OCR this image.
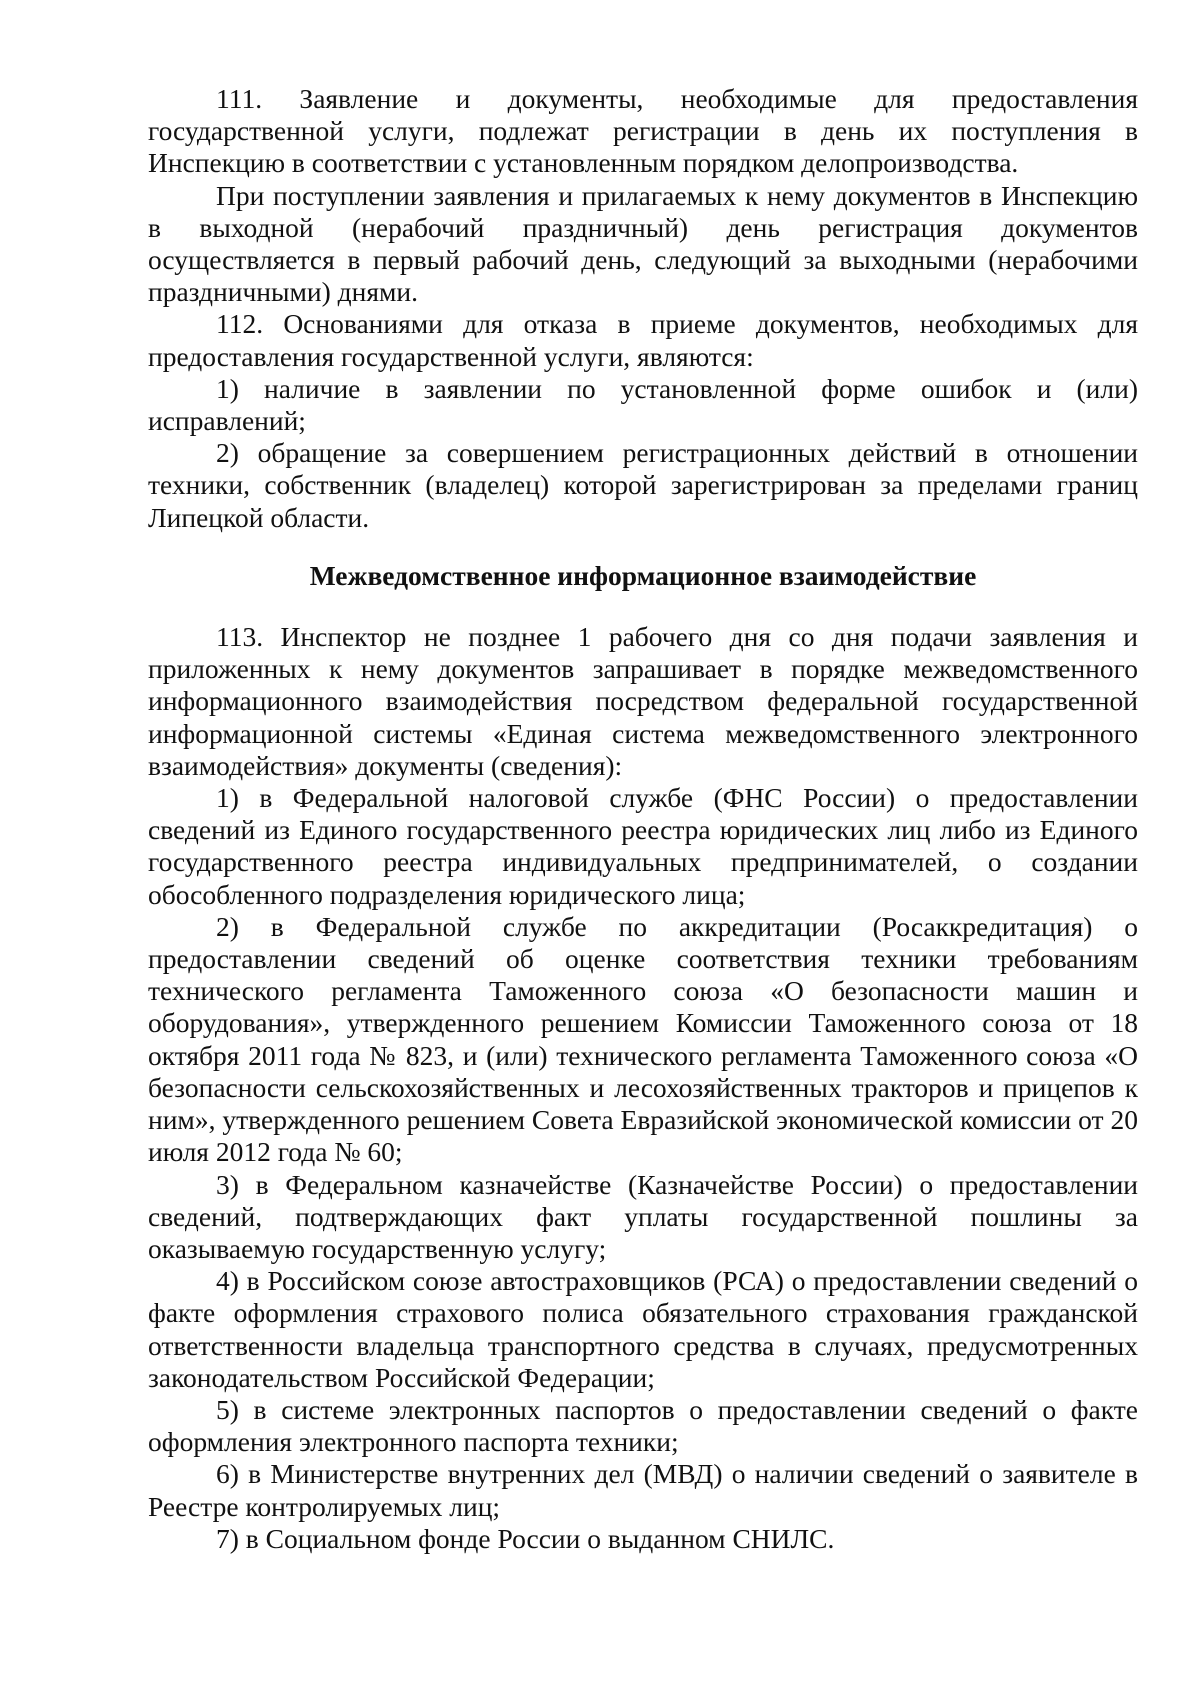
111. Заявление и документы, необходимые для предоставления государственной услуги, подлежат регистрации в день их поступления в Инспекцию в соответствии с установленным порядком делопроизводства.

При поступлении заявления и прилагаемых к нему документов в Инспекцию в выходной (нерабочий праздничный) день регистрация документов осуществляется в первый рабочий день, следующий за выходными (нерабочими праздничными) днями.

112. Основаниями для отказа в приеме документов, необходимых для предоставления государственной услуги, являются:

1) наличие в заявлении по установленной форме ошибок и (или) исправлений;

2) обращение за совершением регистрационных действий в отношении техники, собственник (владелец) которой зарегистрирован за пределами границ Липецкой области.

Межведомственное информационное взаимодействие

113. Инспектор не позднее 1 рабочего дня со дня подачи заявления и приложенных к нему документов запрашивает в порядке межведомственного информационного взаимодействия посредством федеральной государственной информационной системы «Единая система межведомственного электронного взаимодействия» документы (сведения):

1) в Федеральной налоговой службе (ФНС России) о предоставлении сведений из Единого государственного реестра юридических лиц либо из Единого государственного реестра индивидуальных предпринимателей, о создании обособленного подразделения юридического лица;

2) в Федеральной службе по аккредитации (Росаккредитация) о предоставлении сведений об оценке соответствия техники требованиям технического регламента Таможенного союза «О безопасности машин и оборудования», утвержденного решением Комиссии Таможенного союза от 18 октября 2011 года № 823, и (или) технического регламента Таможенного союза «О безопасности сельскохозяйственных и лесохозяйственных тракторов и прицепов к ним», утвержденного решением Совета Евразийской экономической комиссии от 20 июля 2012 года № 60;

3) в Федеральном казначействе (Казначействе России) о предоставлении сведений, подтверждающих факт уплаты государственной пошлины за оказываемую государственную услугу;

4) в Российском союзе автостраховщиков (РСА) о предоставлении сведений о факте оформления страхового полиса обязательного страхования гражданской ответственности владельца транспортного средства в случаях, предусмотренных законодательством Российской Федерации;

5) в системе электронных паспортов о предоставлении сведений о факте оформления электронного паспорта техники;

6) в Министерстве внутренних дел (МВД) о наличии сведений о заявителе в Реестре контролируемых лиц;

7) в Социальном фонде России о выданном СНИЛС.
